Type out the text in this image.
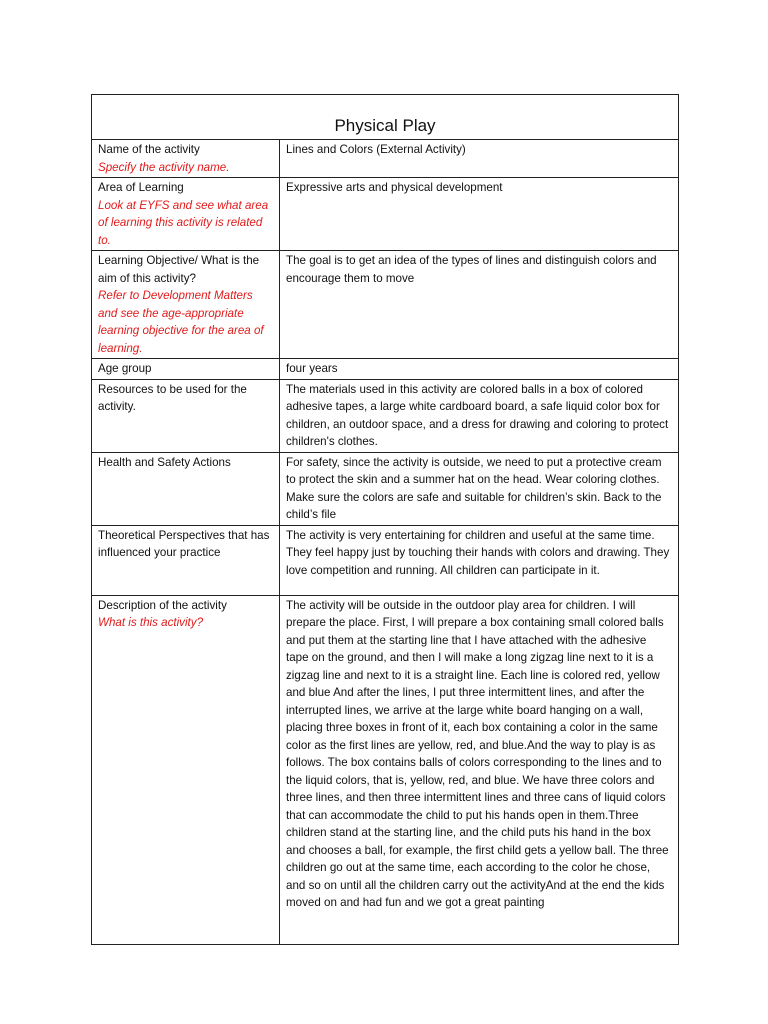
Physical Play	

Name of the activity
Specify the activity name.	Lines and Colors (External Activity)

Area of Learning
Look at EYFS and see what area of learning this activity is related to.	Expressive arts and physical development

Learning Objective/ What is the aim of this activity?
Refer to Development Matters and see the age-appropriate learning objective for the area of learning.	The goal is to get an idea of the types of lines and distinguish colors and encourage them to move
Age group	four years
Resources to be used for the activity.	The materials used in this activity are colored balls in a box of colored adhesive tapes, a large white cardboard board, a safe liquid color box for children, an outdoor space, and a dress for drawing and coloring to protect children's clothes.
Health and Safety Actions	For safety, since the activity is outside, we need to put a protective cream to protect the skin and a summer hat on the head. Wear coloring clothes. Make sure the colors are safe and suitable for children’s skin. Back to the child’s file
Theoretical Perspectives that has influenced your practice	The activity is very entertaining for children and useful at the same time. They feel happy just by touching their hands with colors and drawing. They love competition and running. All children can participate in it.

Description of the activity
What is this activity?	The activity will be outside in the outdoor play area for children. I will prepare the place. First, I will prepare a box containing small colored balls and put them at the starting line that I have attached with the adhesive tape on the ground, and then I will make a long zigzag line next to it is a zigzag line and next to it is a straight line. Each line is colored red, yellow and blue And after the lines, I put three intermittent lines, and after the interrupted lines, we arrive at the large white board hanging on a wall, placing three boxes in front of it, each box containing a color in the same color as the first lines are yellow, red, and blue.And the way to play is as follows. The box contains balls of colors corresponding to the lines and to the liquid colors, that is, yellow, red, and blue. We have three colors and three lines, and then three intermittent lines and three cans of liquid colors that can accommodate the child to put his hands open in them.Three children stand at the starting line, and the child puts his hand in the box and chooses a ball, for example, the first child gets a yellow ball. The three children go out at the same time, each according to the color he chose, and so on until all the children carry out the activityAnd at the end the kids moved on and had fun and we got a great painting
